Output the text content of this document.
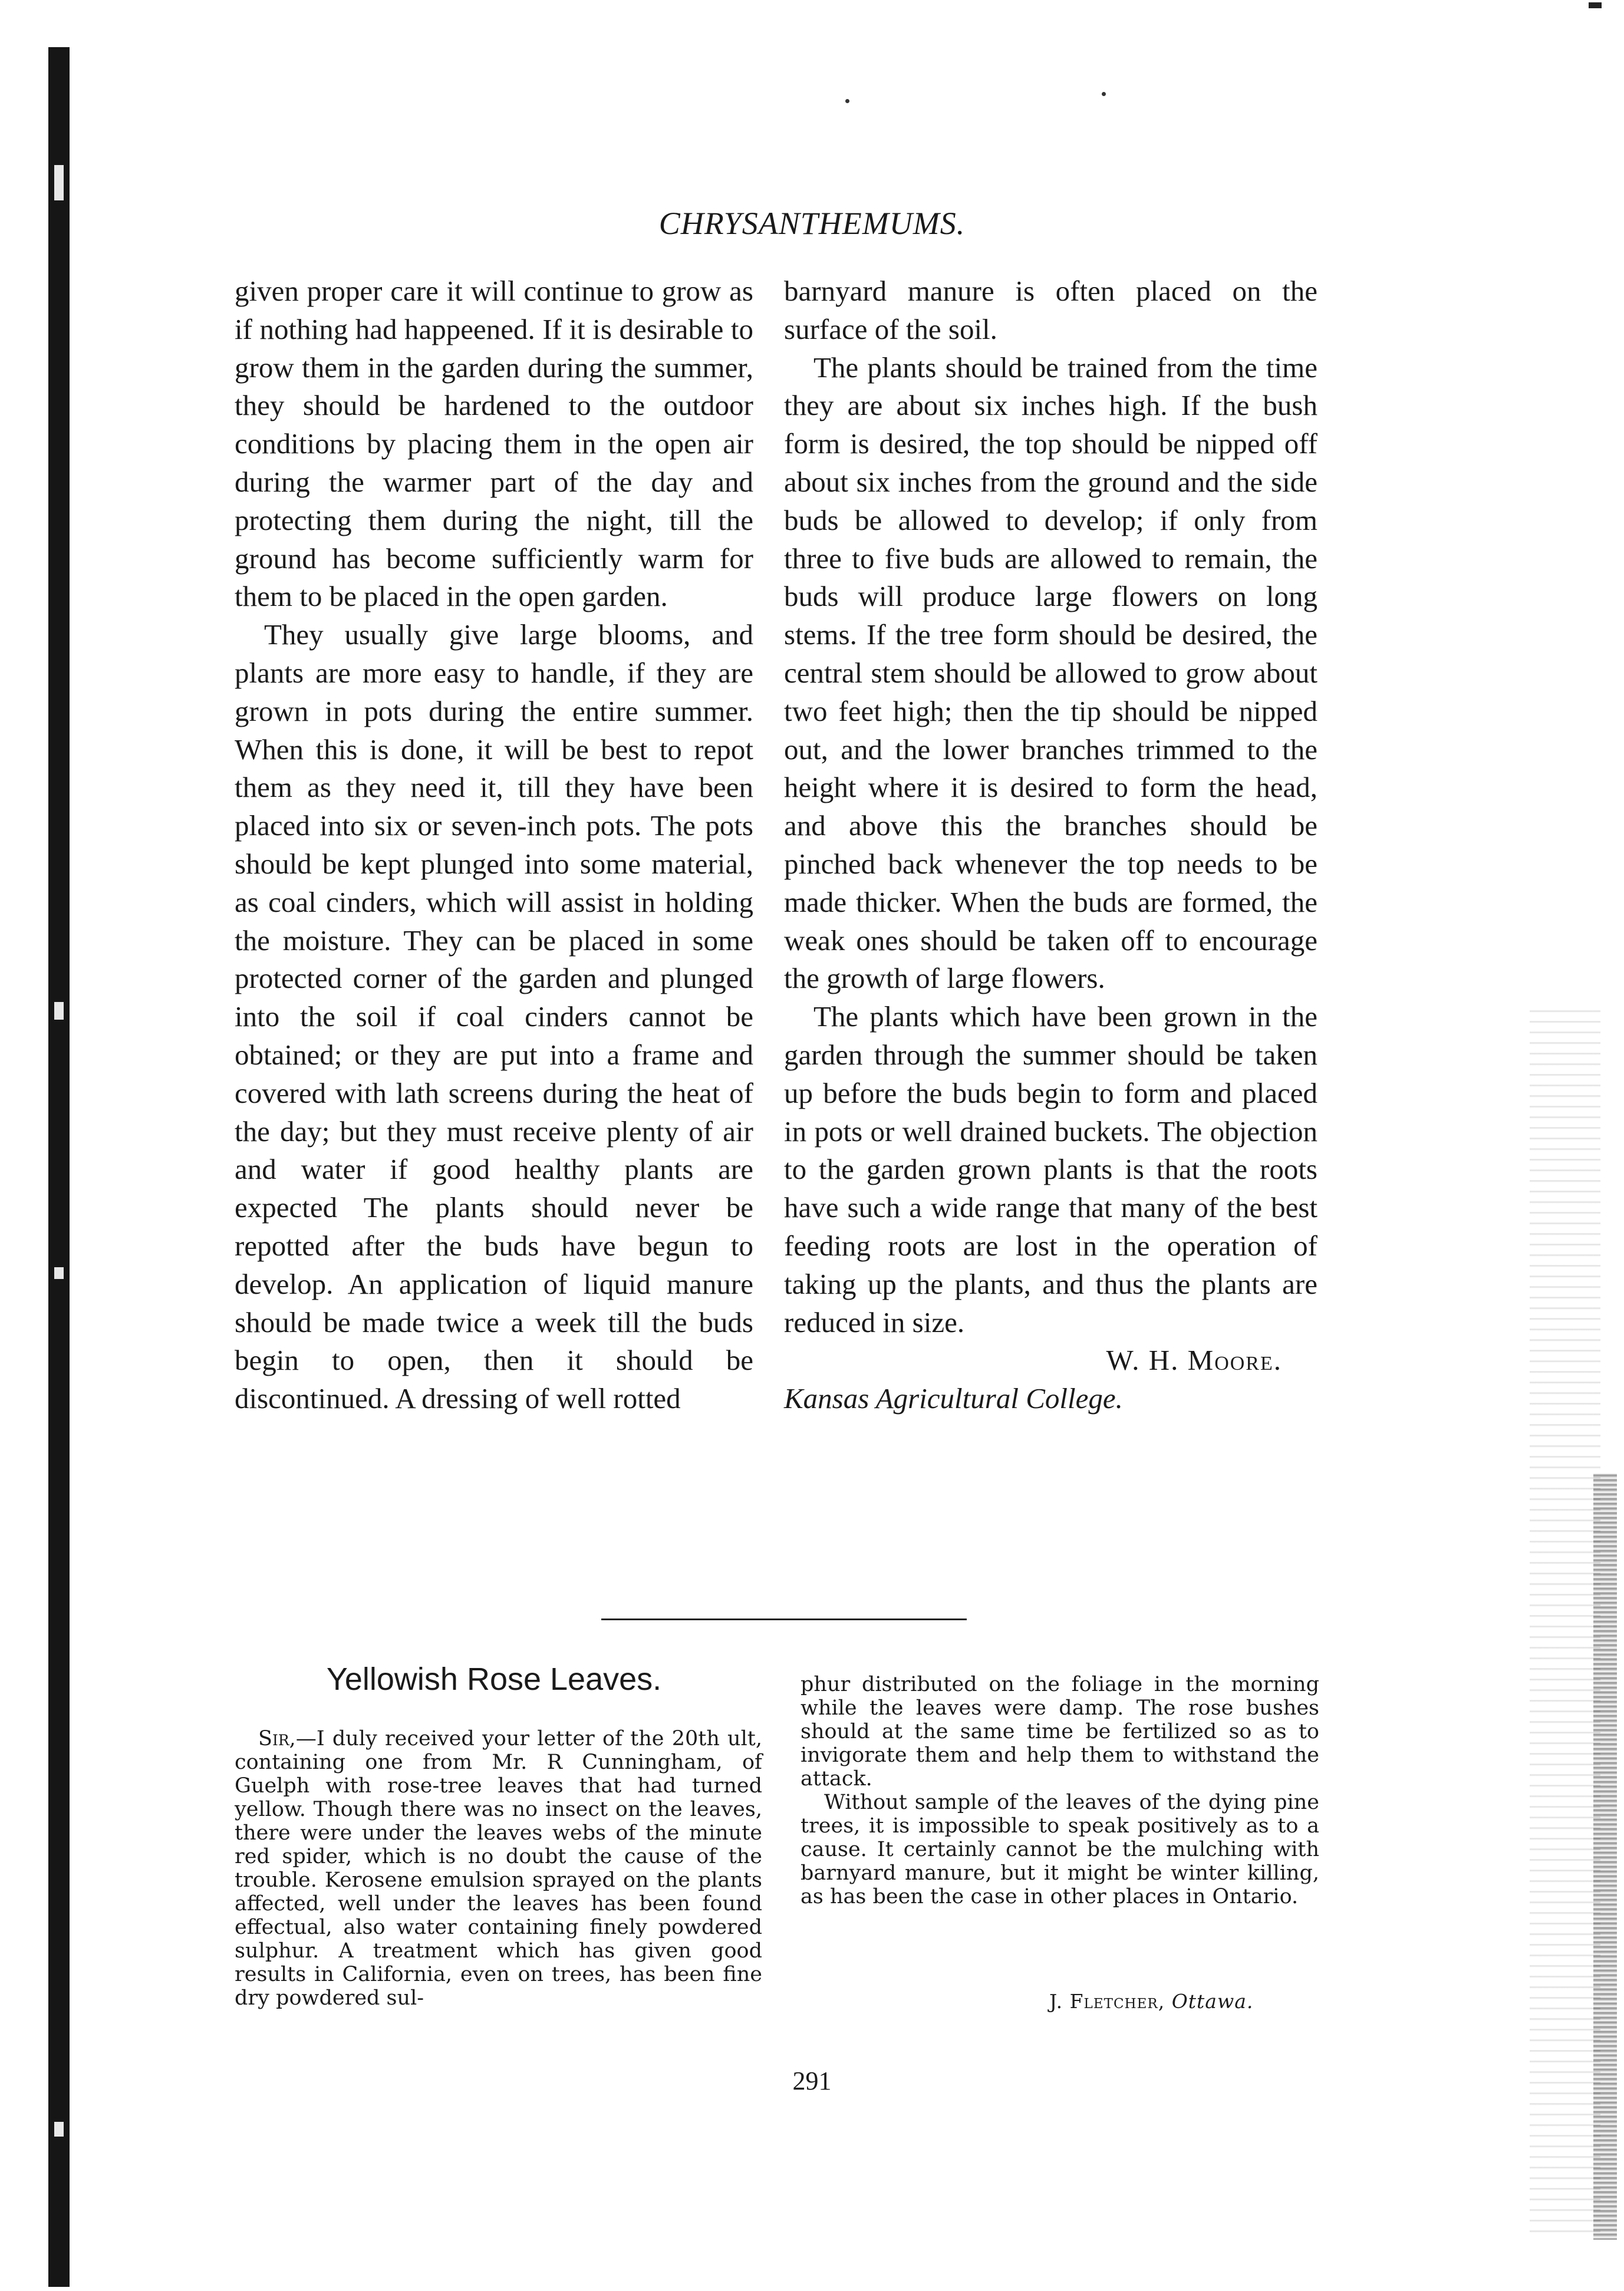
CHRYSANTHEMUMS.

given proper care it will continue to grow as if nothing had happe⁠⁠ened. If it is desirable to grow them in the garden during the summer, they should be hardened to the outdoor conditions by placing them in the open air during the warmer part of the day and protecting them during the night, till the ground has become sufficiently warm for them to be placed in the open garden.

They usually give large blooms, and plants are more easy to handle, if they are grown in pots during the entire summer. When this is done, it will be best to repot them as they need it, till they have been placed into six or seven-inch pots. The pots should be kept plunged into some material, as coal cinders, which will assist in holding the moisture. They can be placed in some protected corner of the garden and plunged into the soil if coal cinders cannot be obtained; or they are put into a frame and covered with lath screens during the heat of the day; but they must receive plenty of air and water if good healthy plants are expected The plants should never be repotted after the buds have begun to develop. An application of liquid manure should be made twice a week till the buds begin to open, then it should be discontinued. A dressing of well rotted

barnyard manure is often placed on the surface of the soil.

The plants should be trained from the time they are about six inches high. If the bush form is desired, the top should be nipped off about six inches from the ground and the side buds be allowed to develop; if only from three to five buds are allowed to remain, the buds will produce large flowers on long stems. If the tree form should be desired, the central stem should be allowed to grow about two feet high; then the tip should be nipped out, and the lower branches trimmed to the height where it is desired to form the head, and above this the branches should be pinched back whenever the top needs to be made thicker. When the buds are formed, the weak ones should be taken off to encourage the growth of large flowers.

The plants which have been grown in the garden through the summer should be taken up before the buds begin to form and placed in pots or well drained buckets. The objection to the garden grown plants is that the roots have such a wide range that many of the best feeding roots are lost in the operation of taking up the plants, and thus the plants are reduced in size.

W. H. Moore.

Kansas Agricultural College.

Yellowish Rose Leaves.

Sir,—I duly received your letter of the 20th ult, containing one from Mr. R Cunningham, of Guelph with rose-tree leaves that had turned yellow. Though there was no insect on the leaves, there were under the leaves webs of the minute red spider, which is no doubt the cause of the trouble. Kerosene emulsion sprayed on the plants affected, well under the leaves has been found effectual, also water containing finely powdered sulphur. A treatment which has given good results in California, even on trees, has been fine dry powdered sul-

phur distributed on the foliage in the morning while the leaves were damp. The rose bushes should at the same time be fertilized so as to invigorate them and help them to withstand the attack.

Without sample of the leaves of the dying pine trees, it is impossible to speak positively as to a cause. It certainly cannot be the mulching with barnyard manure, but it might be winter killing, as has been the case in other places in Ontario.

J. Fletcher, Ottawa.
291
